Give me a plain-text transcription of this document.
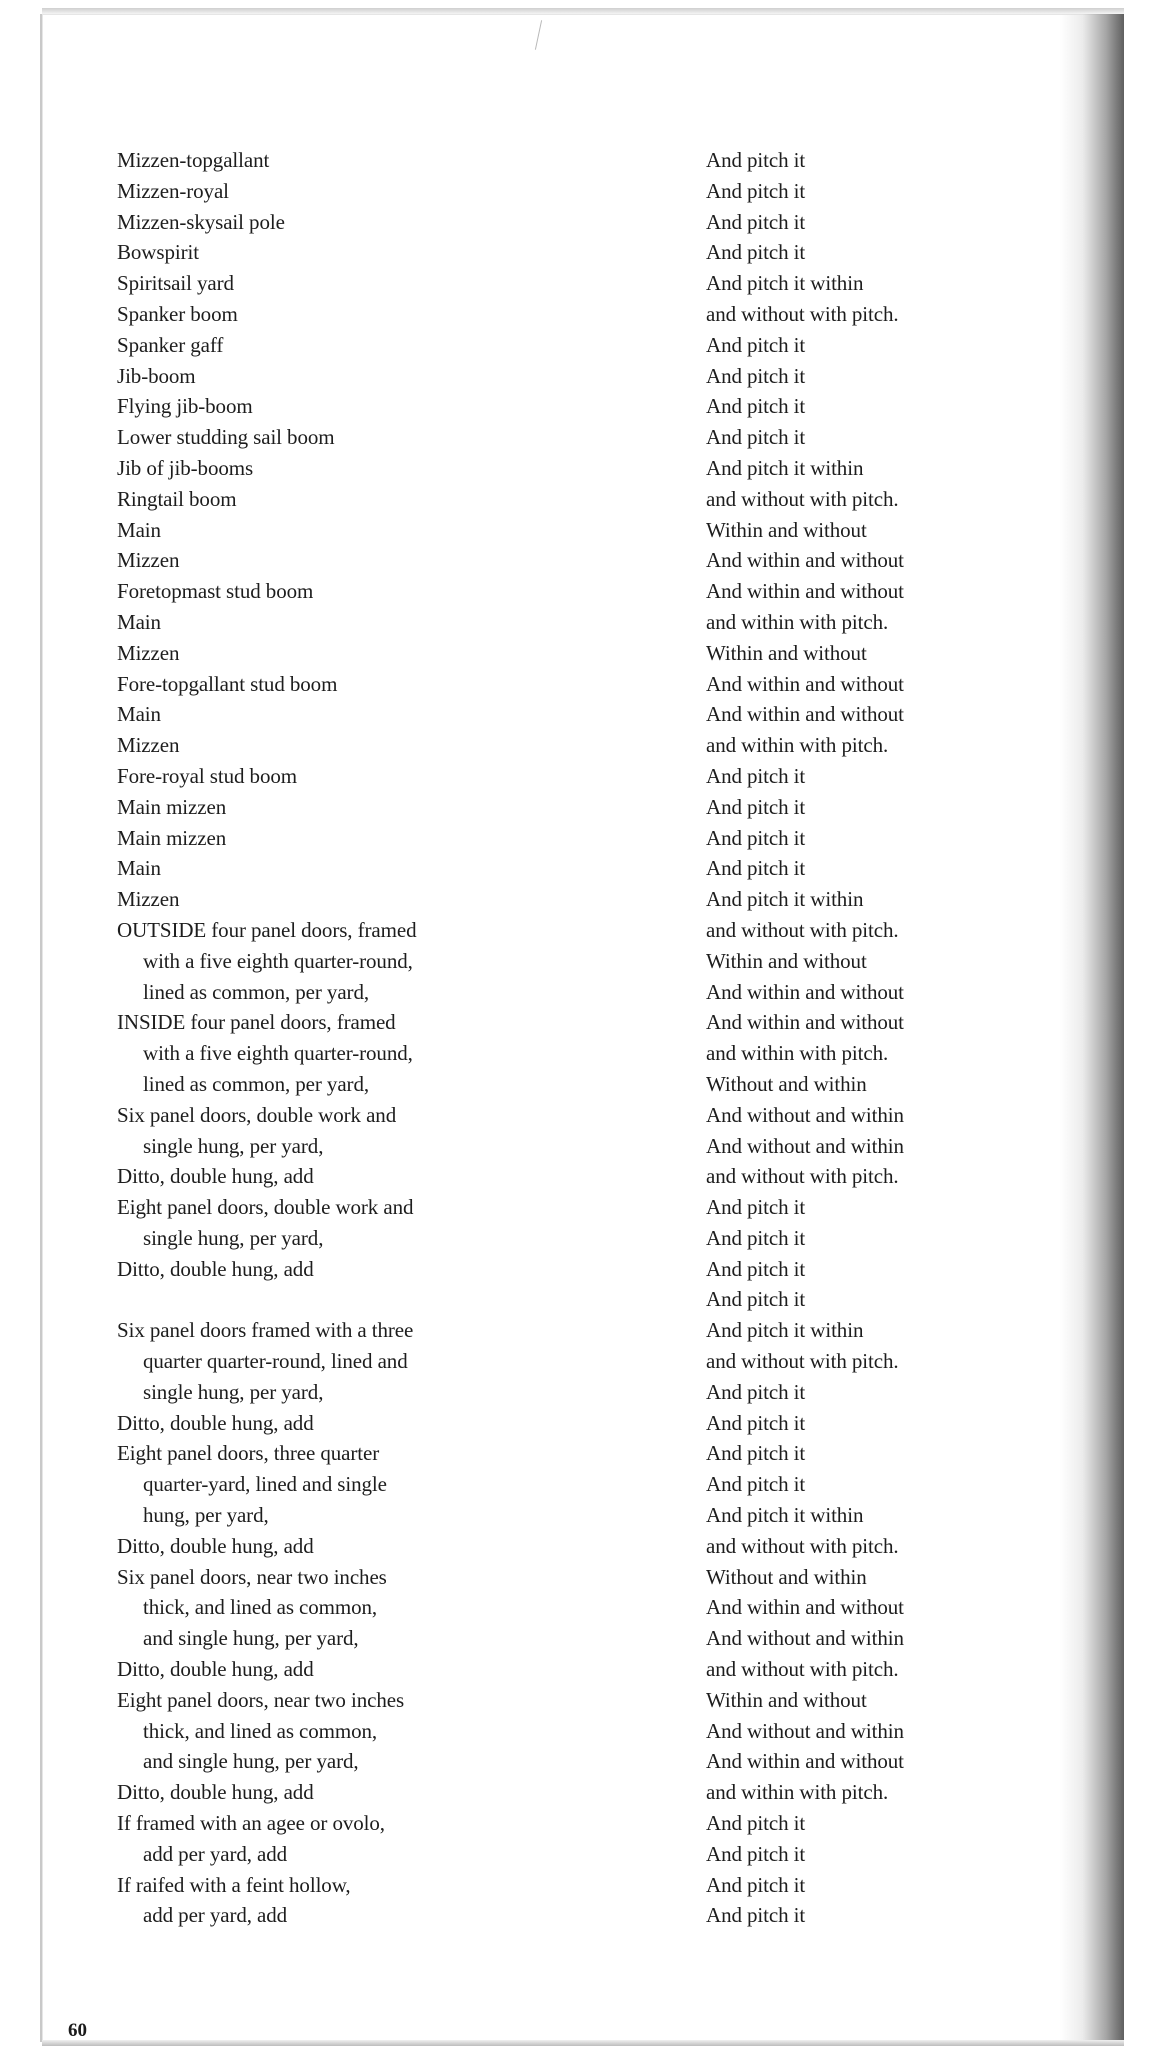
Mizzen-topgallant
Mizzen-royal
Mizzen-skysail pole
Bowspirit
Spiritsail yard
Spanker boom
Spanker gaff
Jib-boom
Flying jib-boom
Lower studding sail boom
Jib of jib-booms
Ringtail boom
Main
Mizzen
Foretopmast stud boom
Main
Mizzen
Fore-topgallant stud boom
Main
Mizzen
Fore-royal stud boom
Main mizzen
Main mizzen
Main
Mizzen
OUTSIDE four panel doors, framed
with a five eighth quarter-round,
lined as common, per yard,
INSIDE four panel doors, framed
with a five eighth quarter-round,
lined as common, per yard,
Six panel doors, double work and
single hung, per yard,
Ditto, double hung, add
Eight panel doors, double work and
single hung, per yard,
Ditto, double hung, add
Six panel doors framed with a three
quarter quarter-round, lined and
single hung, per yard,
Ditto, double hung, add
Eight panel doors, three quarter
quarter-yard, lined and single
hung, per yard,
Ditto, double hung, add
Six panel doors, near two inches
thick, and lined as common,
and single hung, per yard,
Ditto, double hung, add
Eight panel doors, near two inches
thick, and lined as common,
and single hung, per yard,
Ditto, double hung, add
If framed with an agee or ovolo,
add per yard, add
If raifed with a feint hollow,
add per yard, add
And pitch it
And pitch it
And pitch it
And pitch it
And pitch it within
and without with pitch.
And pitch it
And pitch it
And pitch it
And pitch it
And pitch it within
and without with pitch.
Within and without
And within and without
And within and without
and within with pitch.
Within and without
And within and without
And within and without
and within with pitch.
And pitch it
And pitch it
And pitch it
And pitch it
And pitch it within
and without with pitch.
Within and without
And within and without
And within and without
and within with pitch.
Without and within
And without and within
And without and within
and without with pitch.
And pitch it
And pitch it
And pitch it
And pitch it
And pitch it within
and without with pitch.
And pitch it
And pitch it
And pitch it
And pitch it
And pitch it within
and without with pitch.
Without and within
And within and without
And without and within
and without with pitch.
Within and without
And without and within
And within and without
and within with pitch.
And pitch it
And pitch it
And pitch it
And pitch it
60
